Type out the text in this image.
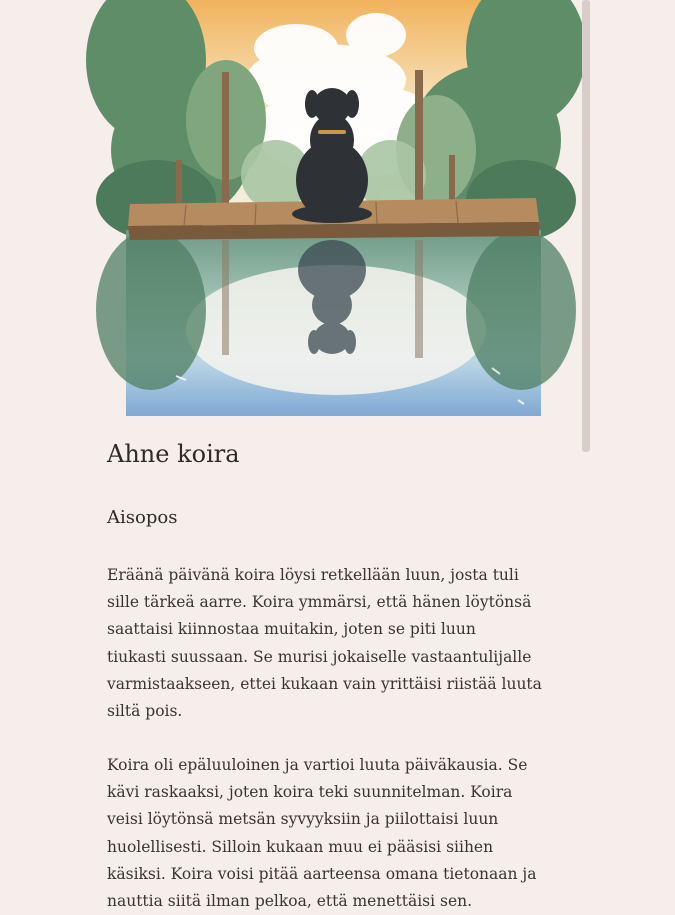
Ahne koira
Aisopos

Eräänä päivänä koira löysi retkellään luun, josta tuli
sille tärkeä aarre. Koira ymmärsi, että hänen löytönsä
saattaisi kiinnostaa muitakin, joten se piti luun
tiukasti suussaan. Se murisi jokaiselle vastaantulijalle
varmistaakseen, ettei kukaan vain yrittäisi riistää luuta
siltä pois.

Koira oli epäluuloinen ja vartioi luuta päiväkausia. Se
kävi raskaaksi, joten koira teki suunnitelman. Koira
veisi löytönsä metsän syvyyksiin ja piilottaisi luun
huolellisesti. Silloin kukaan muu ei pääsisi siihen
käsiksi. Koira voisi pitää aarteensa omana tietonaan ja
nauttia siitä ilman pelkoa, että menettäisi sen.
